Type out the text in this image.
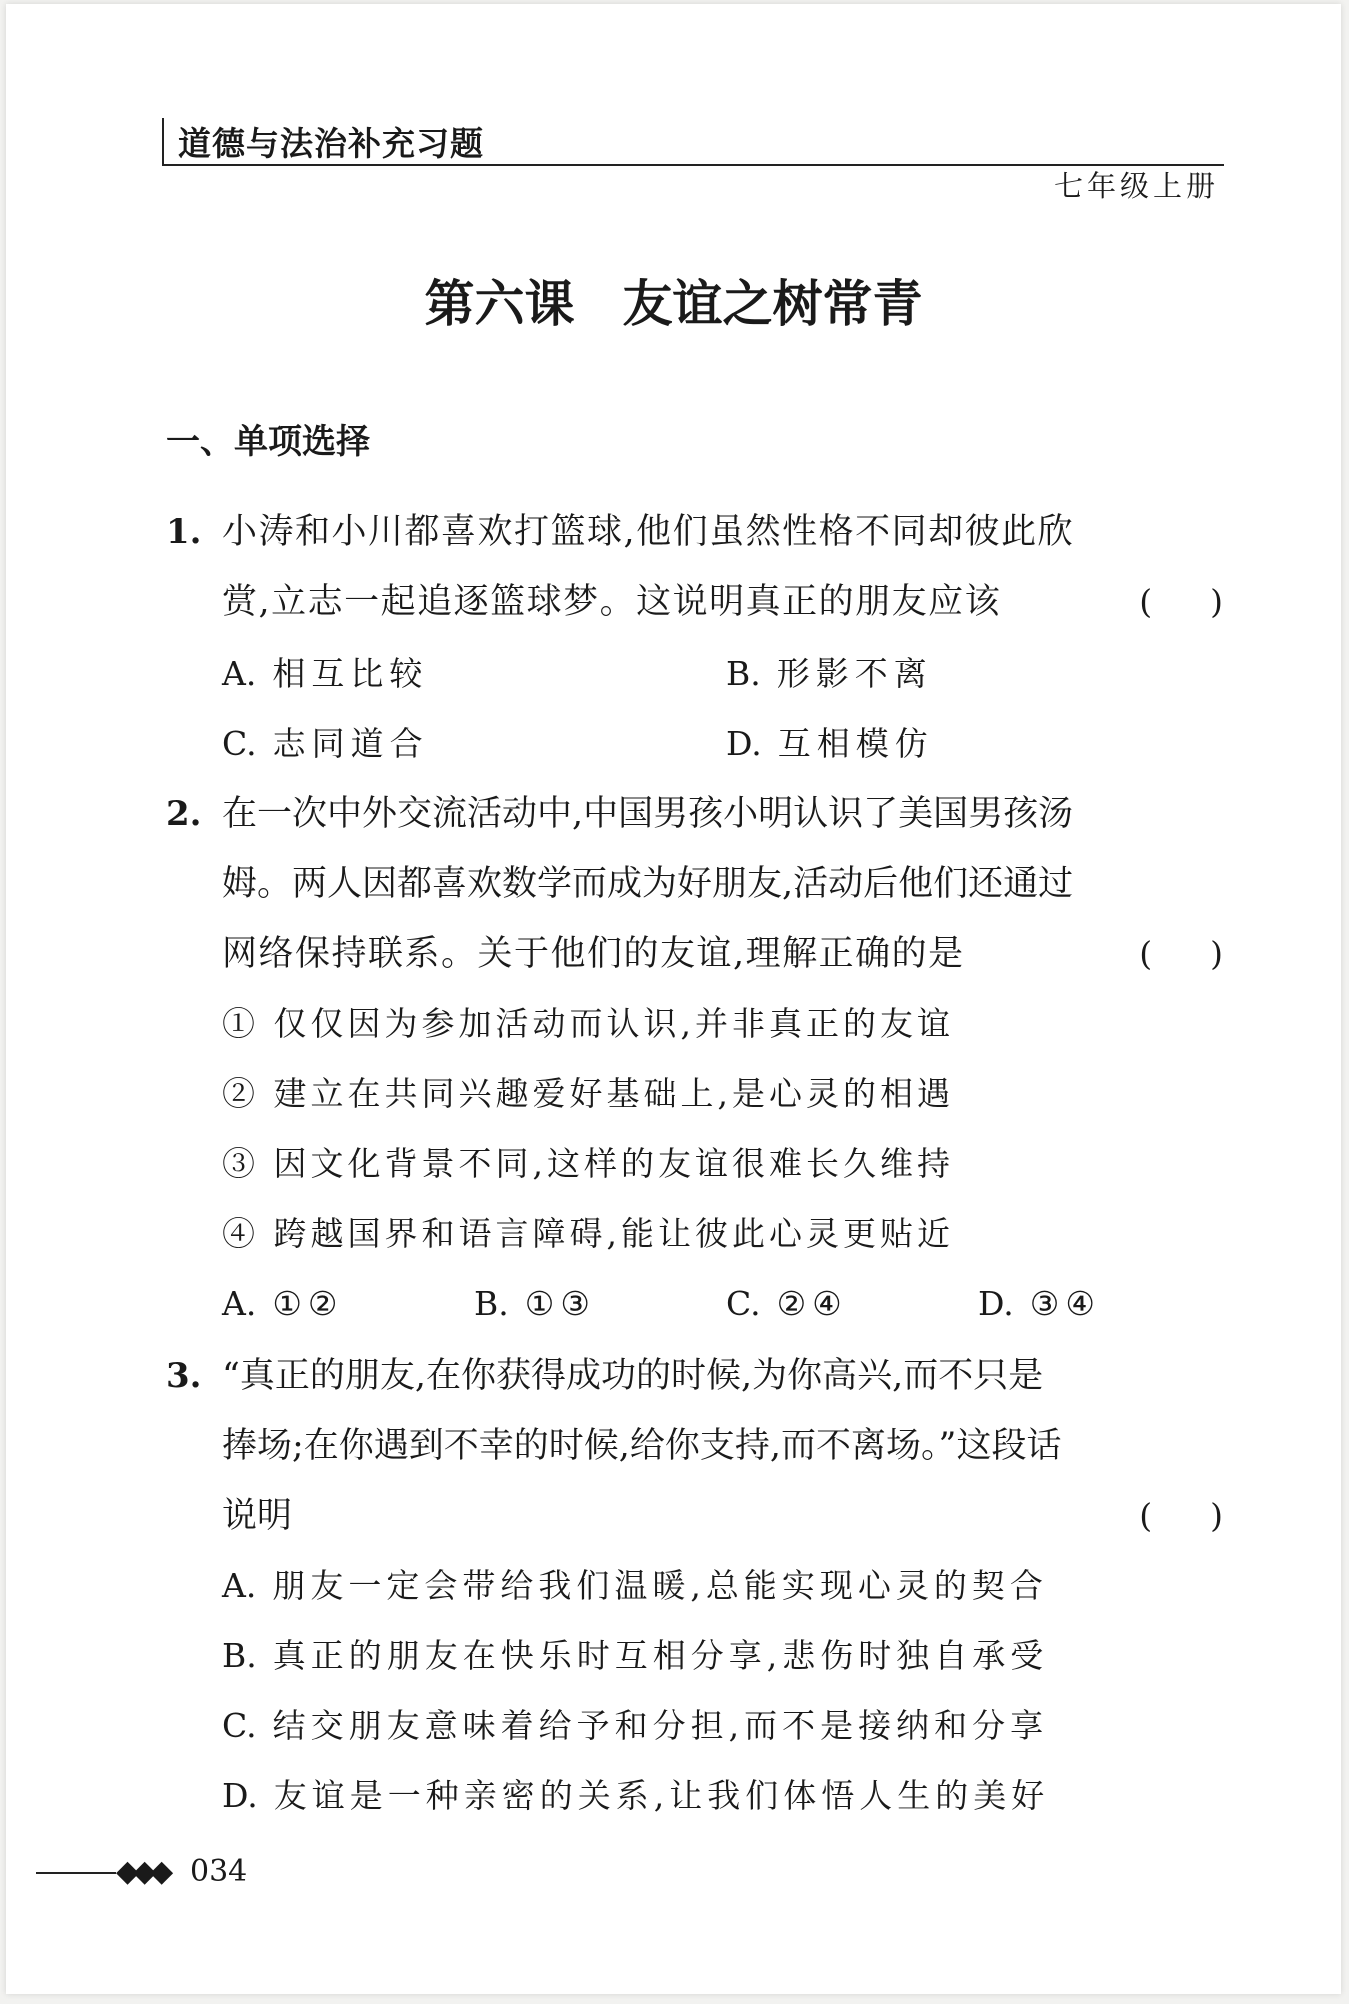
道德与法治补充习题
七年级上册
第六课 友谊之树常青
一、单项选择
1. 小涛和小川都喜欢打篮球,他们虽然性格不同却彼此欣
赏,立志一起追逐篮球梦。这说明真正的朋友应该	( )
A. 相互比较	B. 形影不离
C. 志同道合	D. 互相模仿
2. 在一次中外交流活动中,中国男孩小明认识了美国男孩汤
姆。两人因都喜欢数学而成为好朋友,活动后他们还通过
网络保持联系。关于他们的友谊,理解正确的是	( )
① 仅仅因为参加活动而认识,并非真正的友谊
② 建立在共同兴趣爱好基础上,是心灵的相遇
③ 因文化背景不同,这样的友谊很难长久维持
④ 跨越国界和语言障碍,能让彼此心灵更贴近
A. ①②	B. ①③	C. ②④	D. ③④
3. “真正的朋友,在你获得成功的时候,为你高兴,而不只是
捧场;在你遇到不幸的时候,给你支持,而不离场。”这段话
说明	( )
A. 朋友一定会带给我们温暖,总能实现心灵的契合
B. 真正的朋友在快乐时互相分享,悲伤时独自承受
C. 结交朋友意味着给予和分担,而不是接纳和分享
D. 友谊是一种亲密的关系,让我们体悟人生的美好
◆◆◆ 034
